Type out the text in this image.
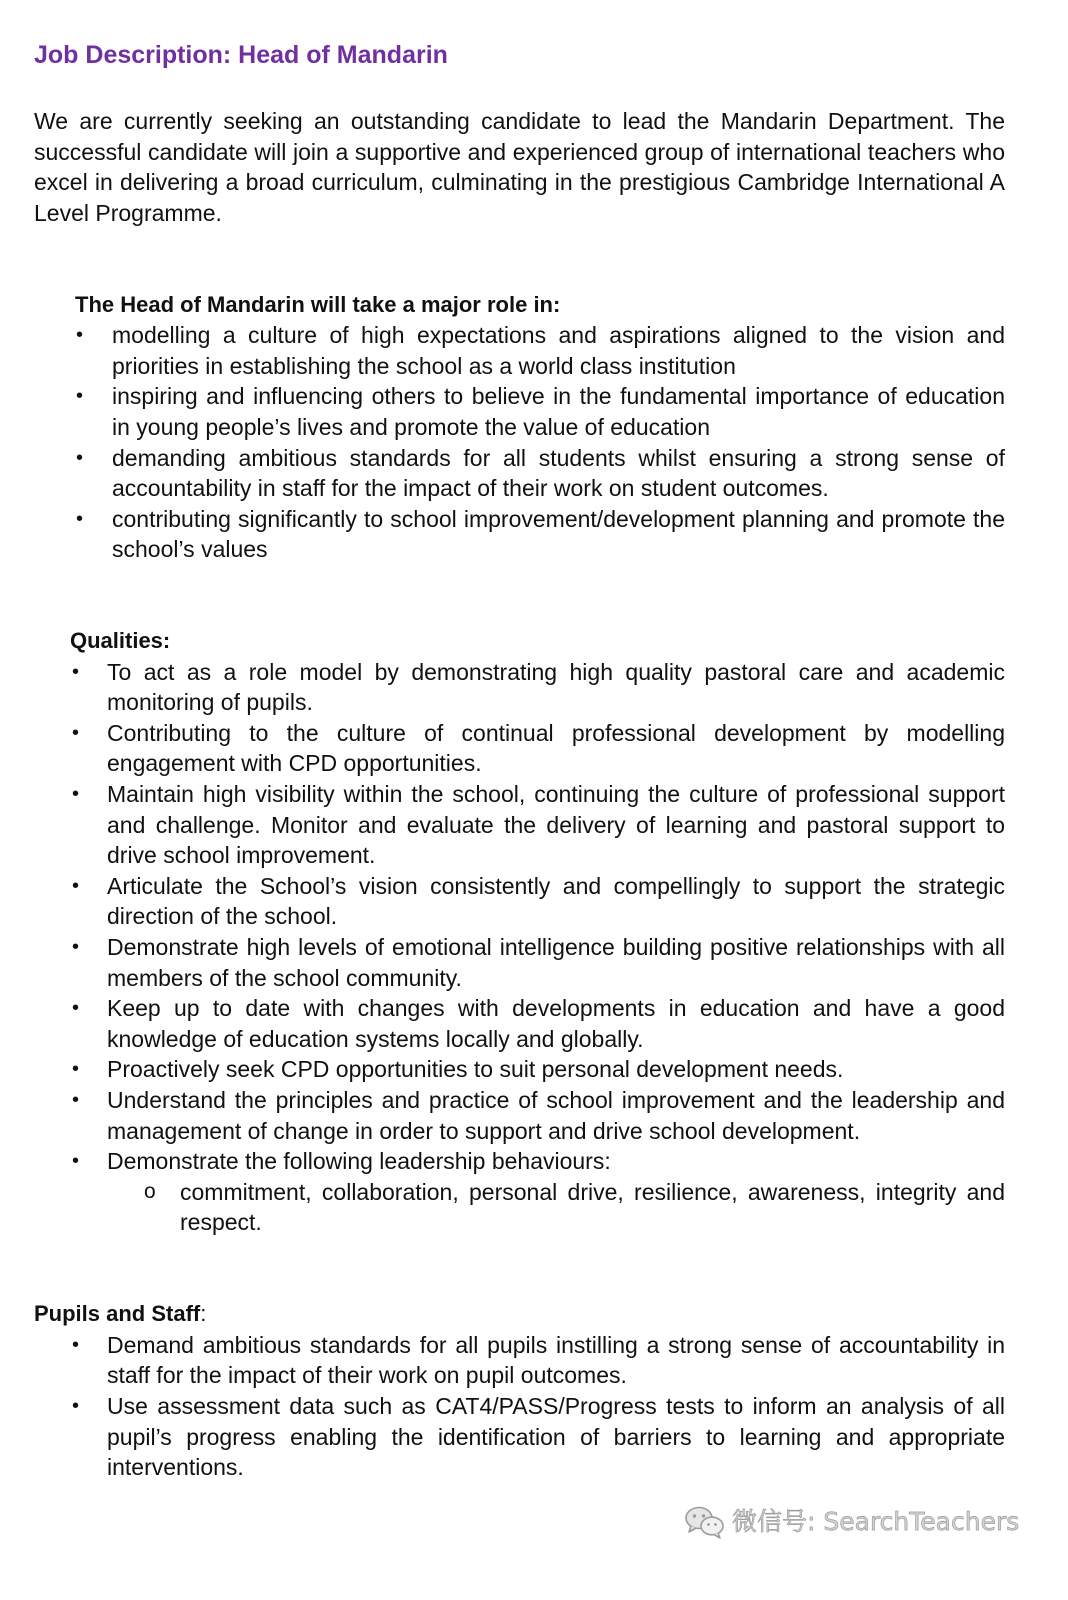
Job Description: Head of Mandarin

We are currently seeking an outstanding candidate to lead the Mandarin Department. The successful candidate will join a supportive and experienced group of international teachers who excel in delivering a broad curriculum, culminating in the prestigious Cambridge International A Level Programme.

The Head of Mandarin will take a major role in:
• modelling a culture of high expectations and aspirations aligned to the vision and priorities in establishing the school as a world class institution
• inspiring and influencing others to believe in the fundamental importance of education in young people’s lives and promote the value of education
• demanding ambitious standards for all students whilst ensuring a strong sense of accountability in staff for the impact of their work on student outcomes.
• contributing significantly to school improvement/development planning and promote the school’s values
Qualities:
• To act as a role model by demonstrating high quality pastoral care and academic monitoring of pupils.
• Contributing to the culture of continual professional development by modelling engagement with CPD opportunities.
• Maintain high visibility within the school, continuing the culture of professional support and challenge. Monitor and evaluate the delivery of learning and pastoral support to drive school improvement.
• Articulate the School’s vision consistently and compellingly to support the strategic direction of the school.
• Demonstrate high levels of emotional intelligence building positive relationships with all members of the school community.
• Keep up to date with changes with developments in education and have a good knowledge of education systems locally and globally.
• Proactively seek CPD opportunities to suit personal development needs.
• Understand the principles and practice of school improvement and the leadership and management of change in order to support and drive school development.
• Demonstrate the following leadership behaviours:
o commitment, collaboration, personal drive, resilience, awareness, integrity and respect.
Pupils and Staff:
• Demand ambitious standards for all pupils instilling a strong sense of accountability in staff for the impact of their work on pupil outcomes.
• Use assessment data such as CAT4/PASS/Progress tests to inform an analysis of all pupil’s progress enabling the identification of barriers to learning and appropriate interventions.
微信号: SearchTeachers
